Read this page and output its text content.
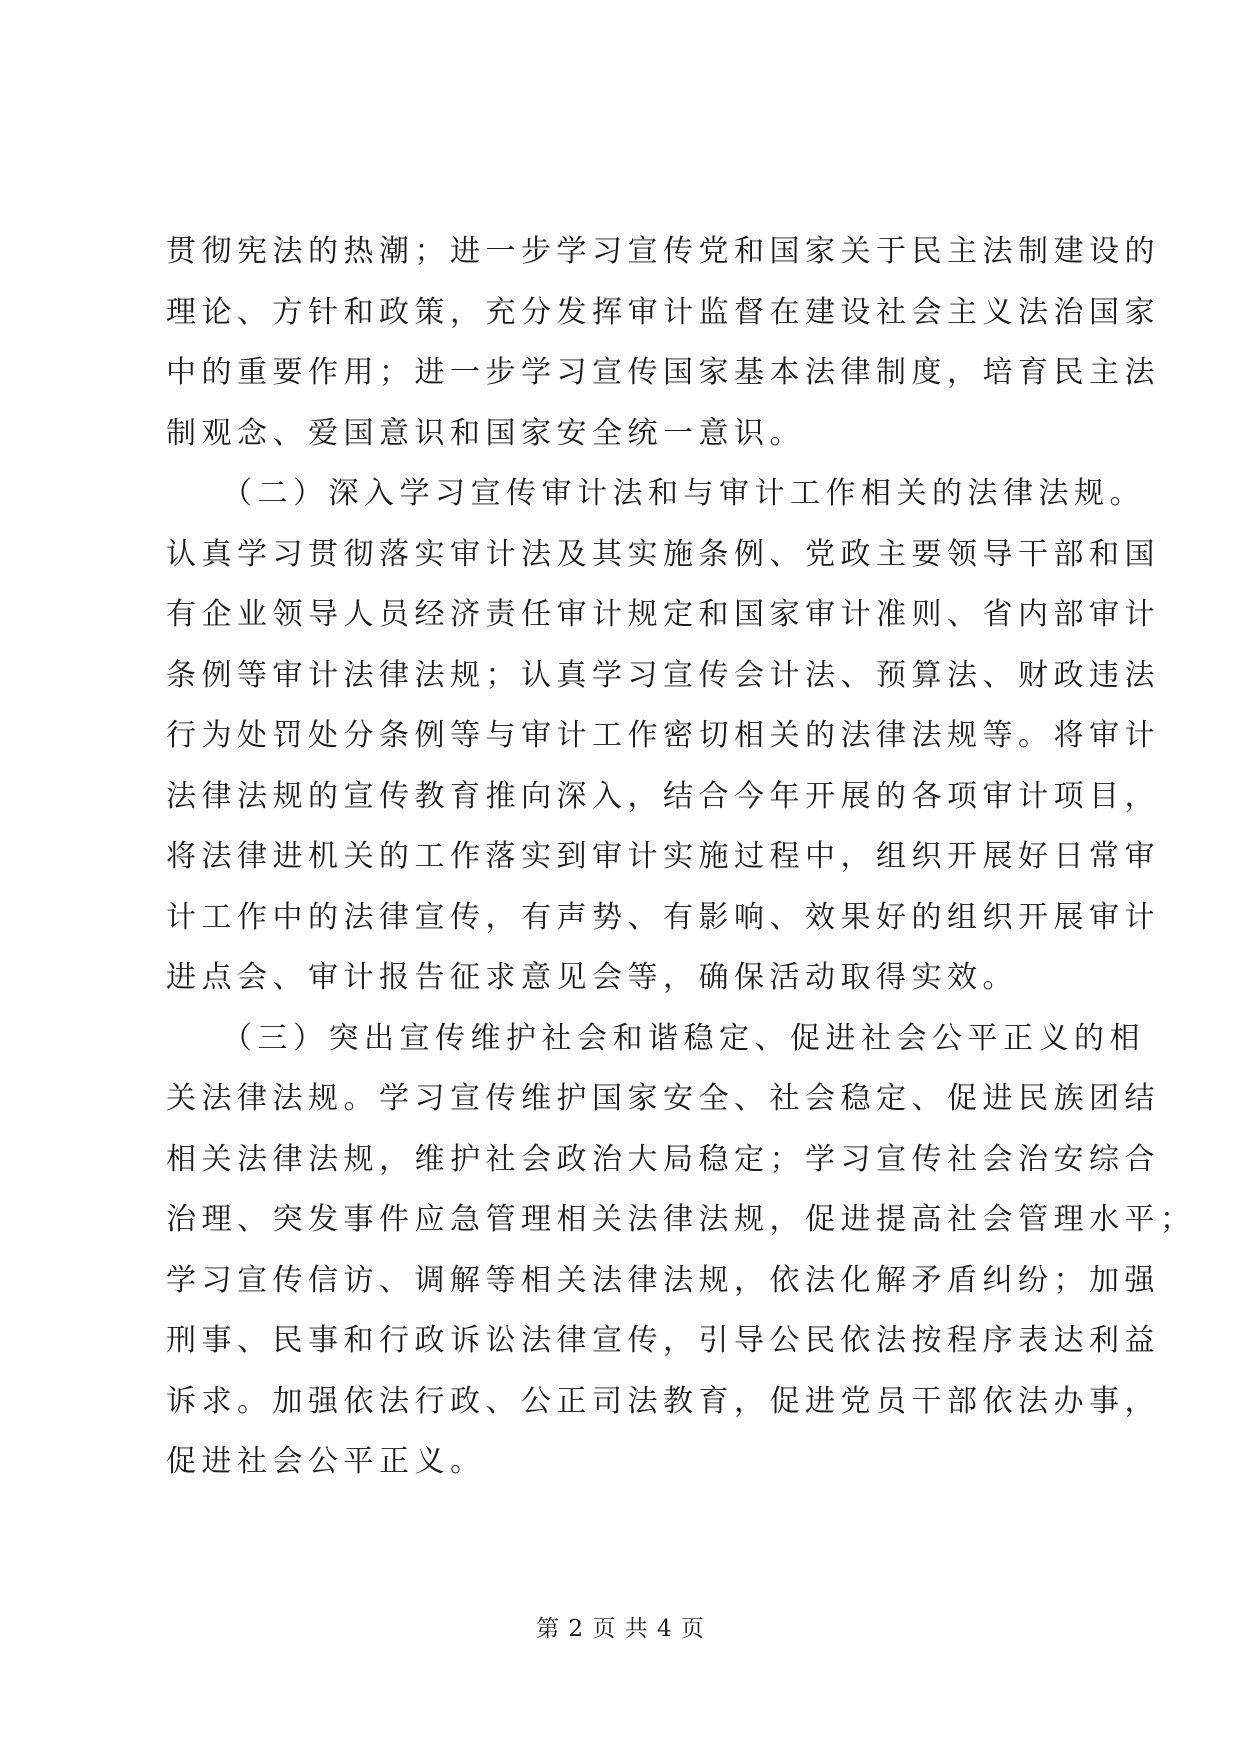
贯彻宪法的热潮；进一步学习宣传党和国家关于民主法制建设的
理论、方针和政策，充分发挥审计监督在建设社会主义法治国家
中的重要作用；进一步学习宣传国家基本法律制度，培育民主法
制观念、爱国意识和国家安全统一意识。
　　（二）深入学习宣传审计法和与审计工作相关的法律法规。
认真学习贯彻落实审计法及其实施条例、党政主要领导干部和国
有企业领导人员经济责任审计规定和国家审计准则、省内部审计
条例等审计法律法规；认真学习宣传会计法、预算法、财政违法
行为处罚处分条例等与审计工作密切相关的法律法规等。将审计
法律法规的宣传教育推向深入，结合今年开展的各项审计项目，
将法律进机关的工作落实到审计实施过程中，组织开展好日常审
计工作中的法律宣传，有声势、有影响、效果好的组织开展审计
进点会、审计报告征求意见会等，确保活动取得实效。
　　（三）突出宣传维护社会和谐稳定、促进社会公平正义的相
关法律法规。学习宣传维护国家安全、社会稳定、促进民族团结
相关法律法规，维护社会政治大局稳定；学习宣传社会治安综合
治理、突发事件应急管理相关法律法规，促进提高社会管理水平；
学习宣传信访、调解等相关法律法规，依法化解矛盾纠纷；加强
刑事、民事和行政诉讼法律宣传，引导公民依法按程序表达利益
诉求。加强依法行政、公正司法教育，促进党员干部依法办事，
促进社会公平正义。
第 2 页 共 4 页
